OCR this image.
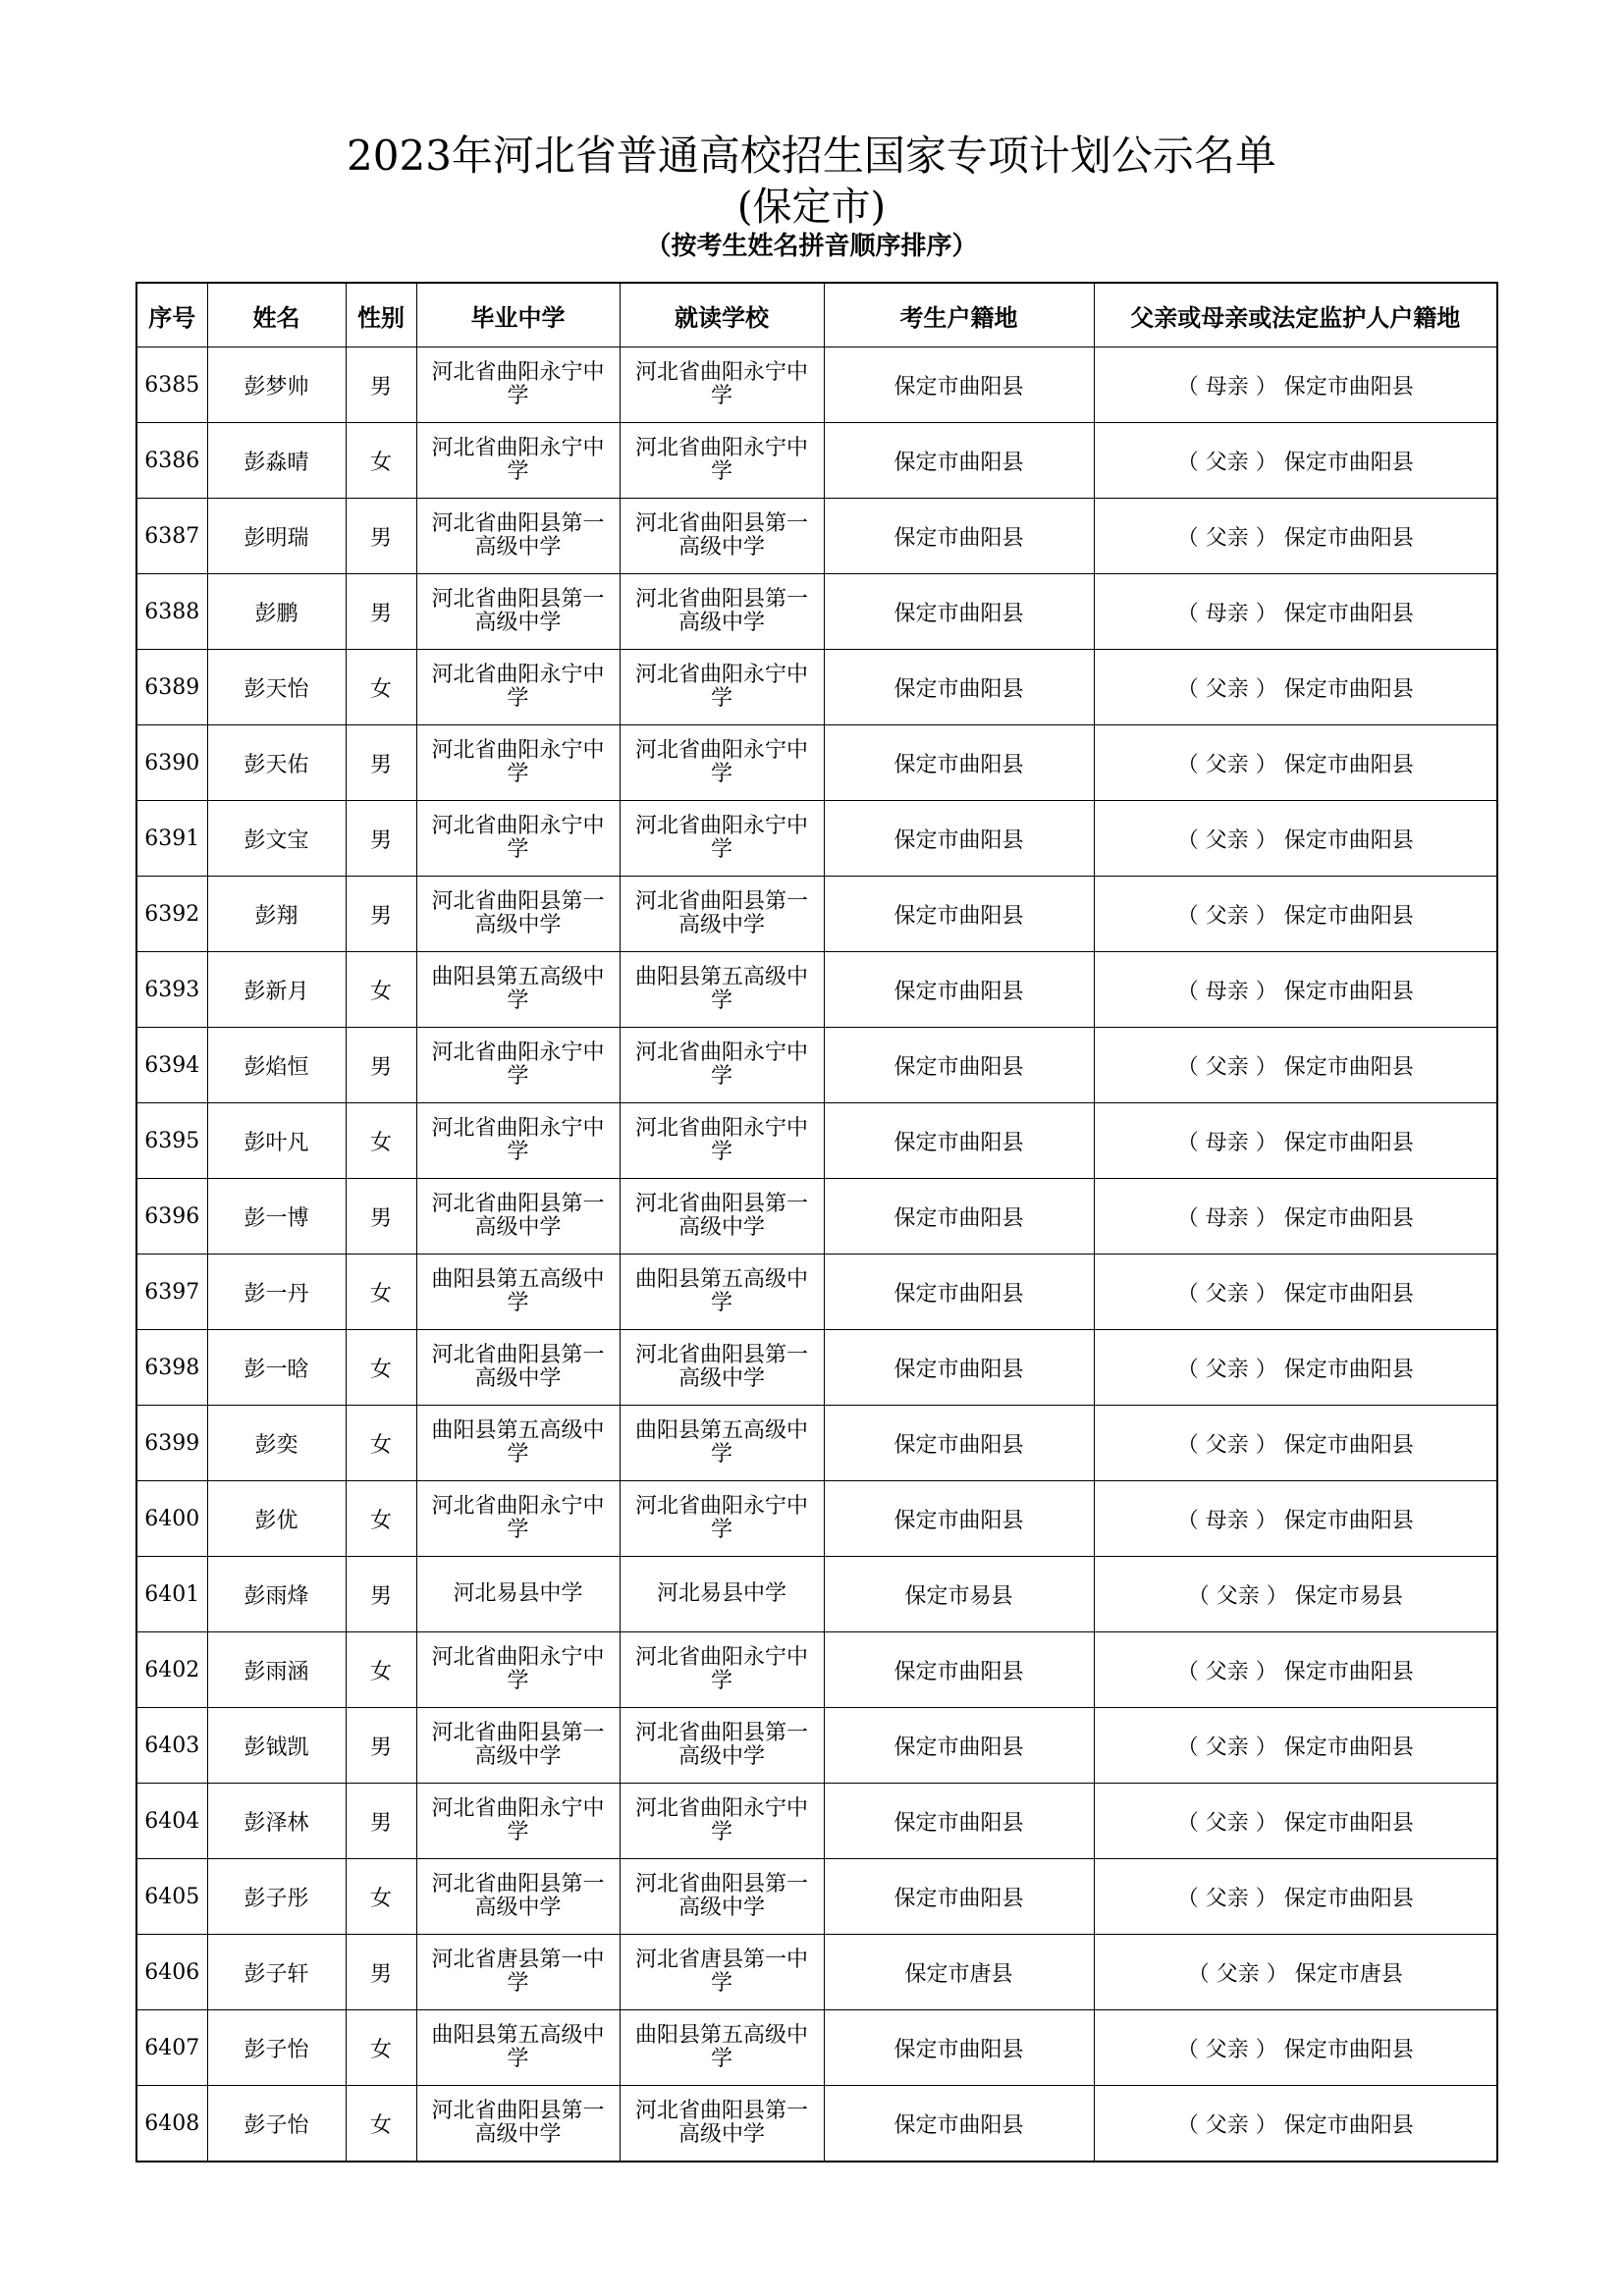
2023年河北省普通高校招生国家专项计划公示名单
(保定市)
（按考生姓名拼音顺序排序）
序号	姓名	性别	毕业中学	就读学校	考生户籍地	父亲或母亲或法定监护人户籍地
6385	彭梦帅	男	河北省曲阳永宁中学	河北省曲阳永宁中学	保定市曲阳县	（ 母亲 ） 保定市曲阳县
6386	彭淼晴	女	河北省曲阳永宁中学	河北省曲阳永宁中学	保定市曲阳县	（ 父亲 ） 保定市曲阳县
6387	彭明瑞	男	河北省曲阳县第一高级中学	河北省曲阳县第一高级中学	保定市曲阳县	（ 父亲 ） 保定市曲阳县
6388	彭鹏	男	河北省曲阳县第一高级中学	河北省曲阳县第一高级中学	保定市曲阳县	（ 母亲 ） 保定市曲阳县
6389	彭天怡	女	河北省曲阳永宁中学	河北省曲阳永宁中学	保定市曲阳县	（ 父亲 ） 保定市曲阳县
6390	彭天佑	男	河北省曲阳永宁中学	河北省曲阳永宁中学	保定市曲阳县	（ 父亲 ） 保定市曲阳县
6391	彭文宝	男	河北省曲阳永宁中学	河北省曲阳永宁中学	保定市曲阳县	（ 父亲 ） 保定市曲阳县
6392	彭翔	男	河北省曲阳县第一高级中学	河北省曲阳县第一高级中学	保定市曲阳县	（ 父亲 ） 保定市曲阳县
6393	彭新月	女	曲阳县第五高级中学	曲阳县第五高级中学	保定市曲阳县	（ 母亲 ） 保定市曲阳县
6394	彭焰恒	男	河北省曲阳永宁中学	河北省曲阳永宁中学	保定市曲阳县	（ 父亲 ） 保定市曲阳县
6395	彭叶凡	女	河北省曲阳永宁中学	河北省曲阳永宁中学	保定市曲阳县	（ 母亲 ） 保定市曲阳县
6396	彭一博	男	河北省曲阳县第一高级中学	河北省曲阳县第一高级中学	保定市曲阳县	（ 母亲 ） 保定市曲阳县
6397	彭一丹	女	曲阳县第五高级中学	曲阳县第五高级中学	保定市曲阳县	（ 父亲 ） 保定市曲阳县
6398	彭一晗	女	河北省曲阳县第一高级中学	河北省曲阳县第一高级中学	保定市曲阳县	（ 父亲 ） 保定市曲阳县
6399	彭奕	女	曲阳县第五高级中学	曲阳县第五高级中学	保定市曲阳县	（ 父亲 ） 保定市曲阳县
6400	彭优	女	河北省曲阳永宁中学	河北省曲阳永宁中学	保定市曲阳县	（ 母亲 ） 保定市曲阳县
6401	彭雨烽	男	河北易县中学	河北易县中学	保定市易县	（ 父亲 ） 保定市易县
6402	彭雨涵	女	河北省曲阳永宁中学	河北省曲阳永宁中学	保定市曲阳县	（ 父亲 ） 保定市曲阳县
6403	彭钺凯	男	河北省曲阳县第一高级中学	河北省曲阳县第一高级中学	保定市曲阳县	（ 父亲 ） 保定市曲阳县
6404	彭泽林	男	河北省曲阳永宁中学	河北省曲阳永宁中学	保定市曲阳县	（ 父亲 ） 保定市曲阳县
6405	彭子彤	女	河北省曲阳县第一高级中学	河北省曲阳县第一高级中学	保定市曲阳县	（ 父亲 ） 保定市曲阳县
6406	彭子轩	男	河北省唐县第一中学	河北省唐县第一中学	保定市唐县	（ 父亲 ） 保定市唐县
6407	彭子怡	女	曲阳县第五高级中学	曲阳县第五高级中学	保定市曲阳县	（ 父亲 ） 保定市曲阳县
6408	彭子怡	女	河北省曲阳县第一高级中学	河北省曲阳县第一高级中学	保定市曲阳县	（ 父亲 ） 保定市曲阳县
